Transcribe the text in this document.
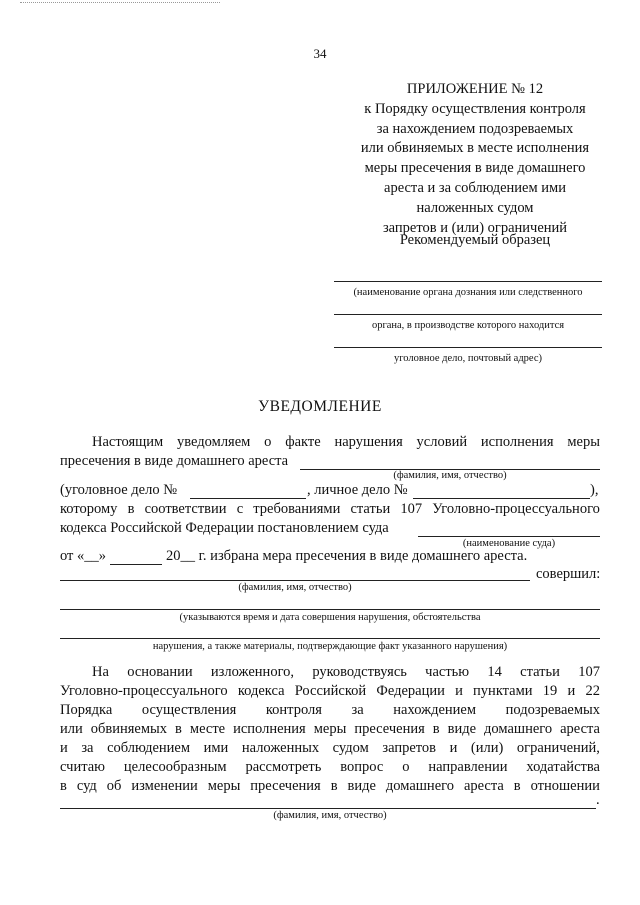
34
ПРИЛОЖЕНИЕ № 12
к Порядку осуществления контроля
за нахождением подозреваемых
или обвиняемых в месте исполнения
меры пресечения в виде домашнего
ареста и за соблюдением ими
наложенных судом
запретов и (или) ограничений
Рекомендуемый образец
(наименование органа дознания или следственного
органа, в производстве которого находится
уголовное дело, почтовый адрес)
УВЕДОМЛЕНИЕ
Настоящим уведомляем о факте нарушения условий исполнения меры
пресечения в виде домашнего ареста
(фамилия, имя, отчество)
(уголовное дело №	, личное дело №	),
которому в соответствии с требованиями статьи 107 Уголовно-процессуального
кодекса Российской Федерации постановлением суда
(наименование суда)
от «__»	20__ г. избрана мера пресечения в виде домашнего ареста.
совершил:
(фамилия, имя, отчество)
(указываются время и дата совершения нарушения, обстоятельства
нарушения, а также материалы, подтверждающие факт указанного нарушения)
На основании изложенного, руководствуясь частью 14 статьи 107
Уголовно-процессуального кодекса Российской Федерации и пунктами 19 и 22
Порядка осуществления контроля за нахождением подозреваемых
или обвиняемых в месте исполнения меры пресечения в виде домашнего ареста
и за соблюдением ими наложенных судом запретов и (или) ограничений,
считаю целесообразным рассмотреть вопрос о направлении ходатайства
в суд об изменении меры пресечения в виде домашнего ареста в отношении
.
(фамилия, имя, отчество)
